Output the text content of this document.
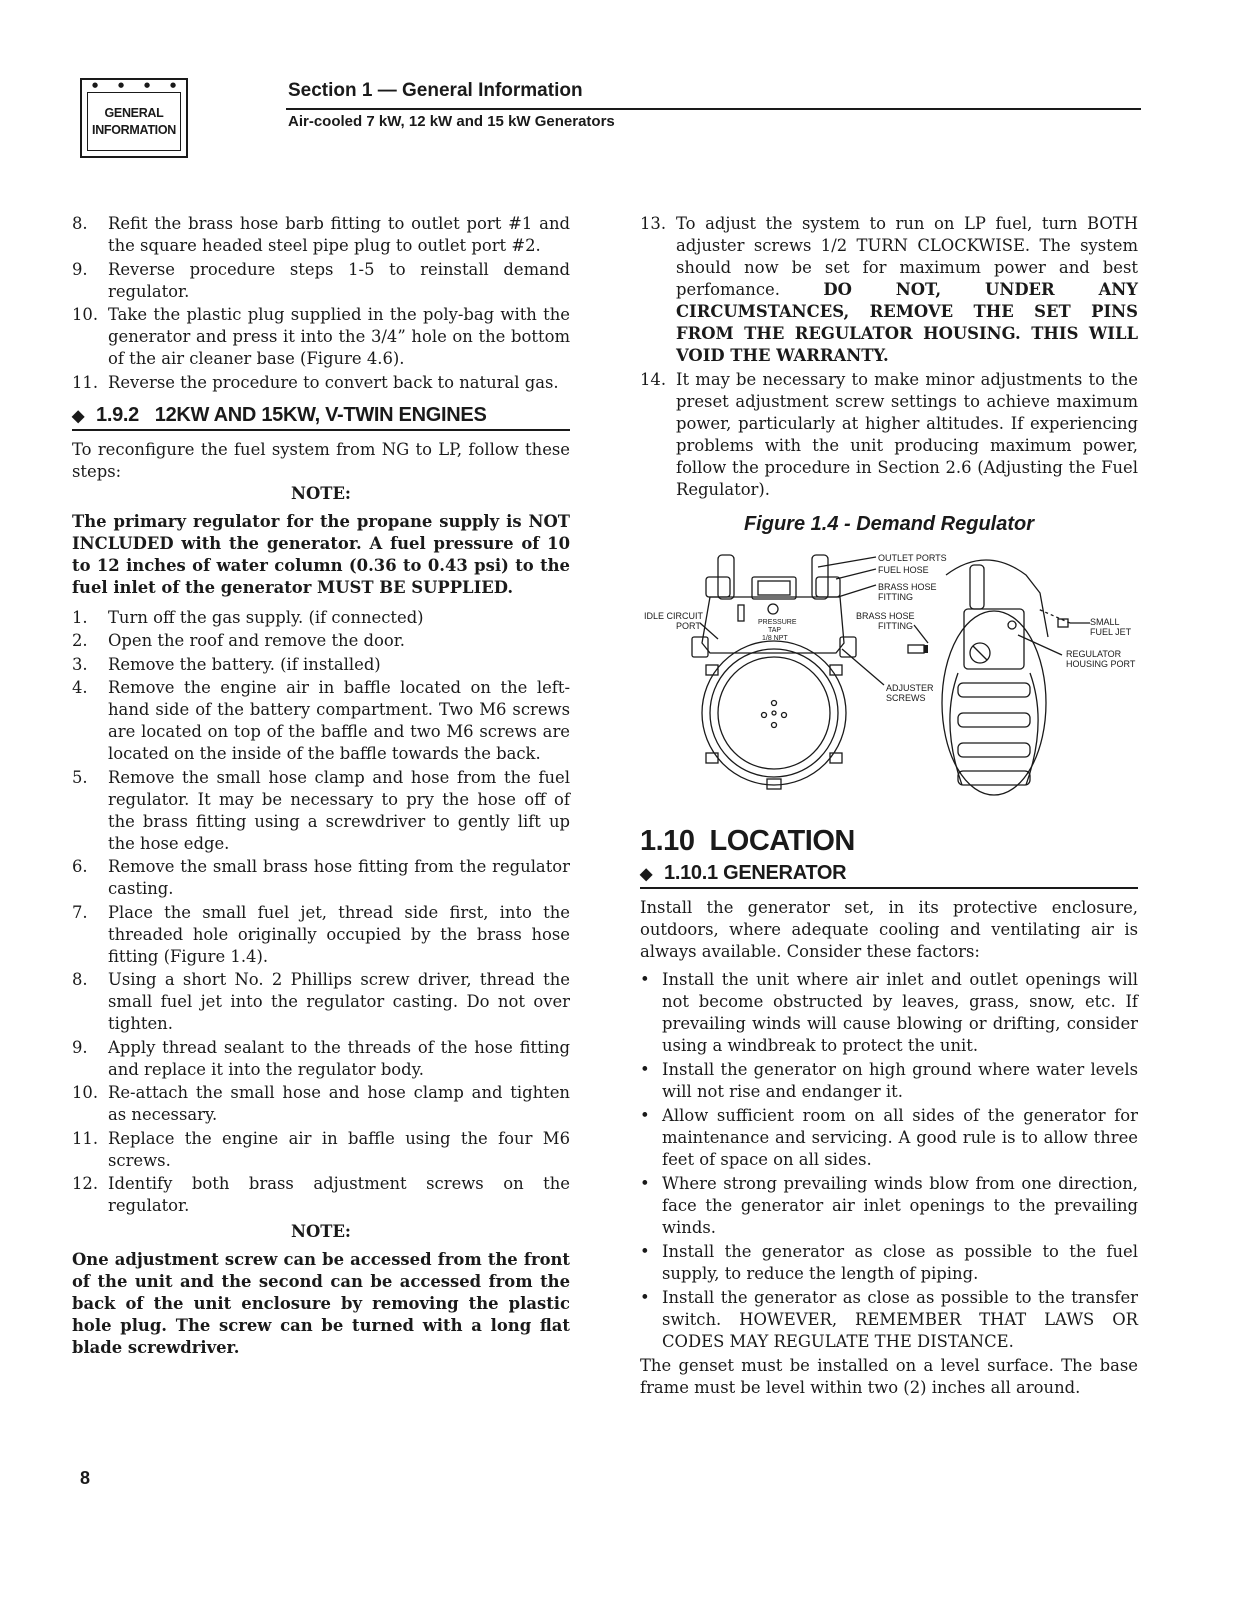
●	●	●	●
GENERAL
INFORMATION
Section 1 — General Information
Air-cooled 7 kW, 12 kW and 15 kW Generators
8.	Refit the brass hose barb fitting to outlet port #1 and the square headed steel pipe plug to outlet port #2.
9.	Reverse procedure steps 1-5 to reinstall demand regulator.
10. Take the plastic plug supplied in the poly-bag with the generator and press it into the 3/4” hole on the bottom of the air cleaner base (Figure 4.6).
11. Reverse the procedure to convert back to natural gas.
◆ 1.9.2   12KW AND 15KW, V-TWIN ENGINES

To reconfigure the fuel system from NG to LP, follow these steps:

NOTE:

The primary regulator for the propane supply is NOT INCLUDED with the generator. A fuel pressure of 10 to 12 inches of water column (0.36 to 0.43 psi) to the fuel inlet of the generator MUST BE SUPPLIED.

1.	Turn off the gas supply. (if connected)
2.	Open the roof and remove the door.
3.	Remove the battery. (if installed)
4.	Remove the engine air in baffle located on the left-hand side of the battery compartment. Two M6 screws are located on top of the baffle and two M6 screws are located on the inside of the baffle towards the back.
5.	Remove the small hose clamp and hose from the fuel regulator. It may be necessary to pry the hose off of the brass fitting using a screwdriver to gently lift up the hose edge.
6.	Remove the small brass hose fitting from the regulator casting.
7.	Place the small fuel jet, thread side first, into the threaded hole originally occupied by the brass hose fitting (Figure 1.4).
8.	Using a short No. 2 Phillips screw driver, thread the small fuel jet into the regulator casting. Do not over tighten.
9.	Apply thread sealant to the threads of the hose fitting and replace it into the regulator body.
10. Re-attach the small hose and hose clamp and tighten as necessary.
11. Replace the engine air in baffle using the four M6 screws.
12. Identify both brass adjustment screws on the regulator.

NOTE:

One adjustment screw can be accessed from the front of the unit and the second can be accessed from the back of the unit enclosure by removing the plastic hole plug. The screw can be turned with a long flat blade screwdriver.

13. To adjust the system to run on LP fuel, turn BOTH adjuster screws 1/2 TURN CLOCKWISE. The system should now be set for maximum power and best perfomance. DO NOT, UNDER ANY CIRCUMSTANCES, REMOVE THE SET PINS FROM THE REGULATOR HOUSING. THIS WILL VOID THE WARRANTY.
14. It may be necessary to make minor adjustments to the preset adjustment screw settings to achieve maximum power, particularly at higher altitudes. If experiencing problems with the unit producing maximum power, follow the procedure in Section 2.6 (Adjusting the Fuel Regulator).
Figure 1.4 - Demand Regulator
OUTLET PORTS
FUEL HOSE
BRASS HOSE
FITTING
IDLE CIRCUIT
PORT
BRASS HOSE
FITTING	SMALL
FUEL JET
REGULATOR
HOUSING PORT
ADJUSTER
SCREWS
PRESSURE
TAP
1/8 NPT
1.10  LOCATION
◆ 1.10.1 GENERATOR

Install the generator set, in its protective enclosure, outdoors, where adequate cooling and ventilating air is always available. Consider these factors:

• Install the unit where air inlet and outlet openings will not become obstructed by leaves, grass, snow, etc. If prevailing winds will cause blowing or drifting, consider using a windbreak to protect the unit.
• Install the generator on high ground where water levels will not rise and endanger it.
• Allow sufficient room on all sides of the generator for maintenance and servicing. A good rule is to allow three feet of space on all sides.
• Where strong prevailing winds blow from one direction, face the generator air inlet openings to the prevailing winds.
• Install the generator as close as possible to the fuel supply, to reduce the length of piping.
• Install the generator as close as possible to the transfer switch. HOWEVER, REMEMBER THAT LAWS OR CODES MAY REGULATE THE DISTANCE.

The genset must be installed on a level surface. The base frame must be level within two (2) inches all around.

8
